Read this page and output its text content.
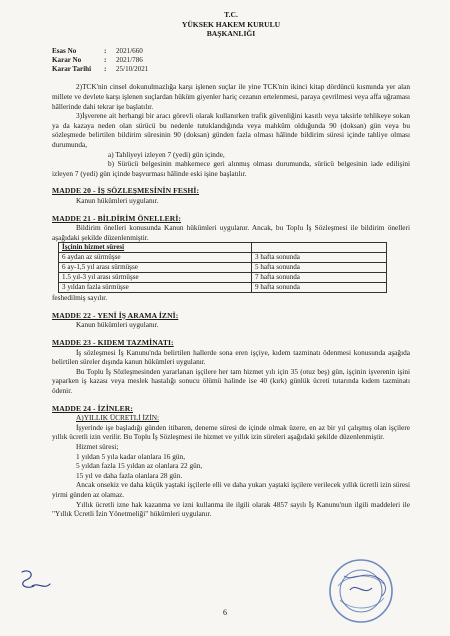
T.C.
YÜKSEK HAKEM KURULU
BAŞKANLIĞI
Esas No	:	2021/660
Karar No	:	2021/786
Karar Tarihi	:	25/10/2021

2)TCK'nin cinsel dokunulmazlığa karşı işlenen suçlar ile yine TCK'nin ikinci kitap dördüncü kısmında yer alan millete ve devlete karşı işlenen suçlardan hüküm giyenler hariç cezanın ertelenmesi, paraya çevrilmesi veya affa uğraması hâllerinde dahi tekrar işe başlatılır.

3)İşverene ait herhangi bir aracı görevli olarak kullanırken trafik güvenliğini kasıtlı veya taksirle tehlikeye sokan ya da kazaya neden olan sürücü bu nedenle tutuklandığında veya mahkûm olduğunda 90 (doksan) gün veya bu sözleşmede belirtilen bildirim süresinin 90 (doksan) günden fazla olması hâlinde bildirim süresi içinde tahliye olması durumunda,

a) Tahliyeyi izleyen 7 (yedi) gün içinde,

b) Sürücü belgesinin mahkemece geri alınmış olması durumunda, sürücü belgesinin iade edilişini izleyen 7 (yedi) gün içinde başvurması hâlinde eski işine başlatılır.

MADDE 20 - İŞ SÖZLEŞMESİNİN FESHİ:

Kanun hükümleri uygulanır.

MADDE 21 - BİLDİRİM ÖNELLERİ:

Bildirim önelleri konusunda Kanun hükümleri uygulanır. Ancak, bu Toplu İş Sözleşmesi ile bildirim önelleri aşağıdaki şekilde düzenlenmiştir.

İşçinin hizmet süresi	
6 aydan az sürmüşse	3 hafta sonunda
6 ay-1,5 yıl arası sürmüşse	5 hafta sonunda
1.5 yıl-3 yıl arası sürmüşse	7 hafta sonunda
3 yıldan fazla sürmüşse	9 hafta sonunda

feshedilmiş sayılır.

MADDE 22 - YENİ İŞ ARAMA İZNİ:

Kanun hükümleri uygulanır.

MADDE 23 - KIDEM TAZMİNATI:

İş sözleşmesi İş Kanunu'nda belirtilen hallerde sona eren işçiye, kıdem tazminatı ödenmesi konusunda aşağıda belirtilen süreler dışında kanun hükümleri uygulanır.

Bu Toplu İş Sözleşmesinden yararlanan işçilere her tam hizmet yılı için 35 (otuz beş) gün, işçinin işverenin işini yaparken iş kazası veya meslek hastalığı sonucu ölümü halinde ise 40 (kırk) günlük ücreti tutarında kıdem tazminatı ödenir.

MADDE 24 - İZİNLER:

A)YILLIK ÜCRETLİ İZİN:

İşyerinde işe başladığı günden itibaren, deneme süresi de içinde olmak üzere, en az bir yıl çalışmış olan işçilere yıllık ücretli izin verilir. Bu Toplu İş Sözleşmesi ile hizmet ve yıllık izin süreleri aşağıdaki şekilde düzenlenmiştir.

Hizmet süresi;

1 yıldan 5 yıla kadar olanlara 16 gün,

5 yıldan fazla 15 yıldan az olanlara 22 gün,

15 yıl ve daha fazla olanlara 28 gün.

Ancak onsekiz ve daha küçük yaştaki işçilerle elli ve daha yukarı yaştaki işçilere verilecek yıllık ücretli izin süresi yirmi günden az olamaz.

Yıllık ücretli izne hak kazanma ve izni kullanma ile ilgili olarak 4857 sayılı İş Kanunu'nun ilgili maddeleri ile "Yıllık Ücretli İzin Yönetmeliği" hükümleri uygulanır.

6
